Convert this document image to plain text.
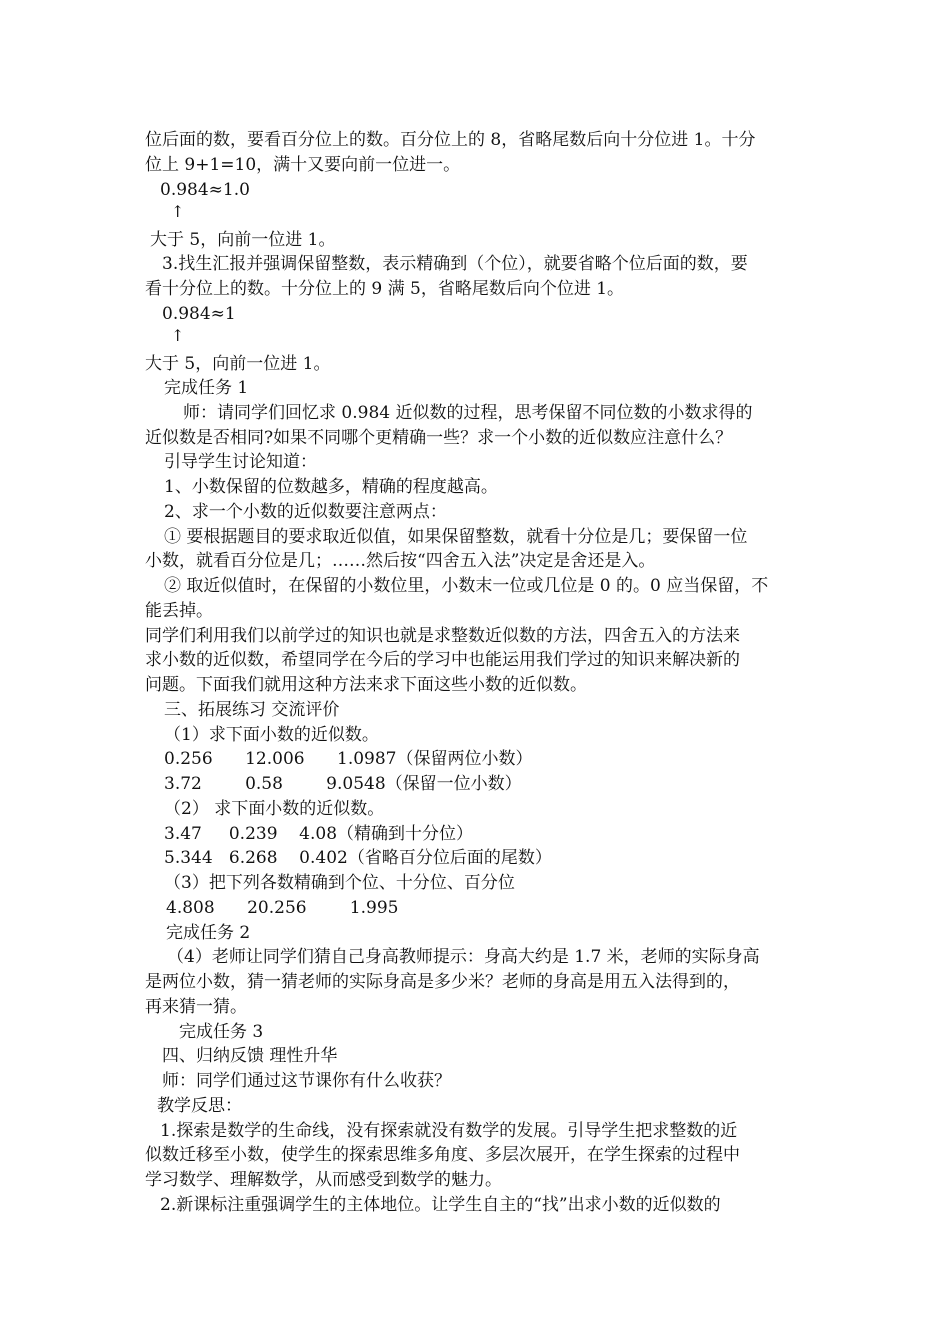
位后面的数，要看百分位上的数。百分位上的 8，省略尾数后向十分位进 1。十分
位上 9+1=10，满十又要向前一位进一。
0.984≈1.0
↑
大于 5，向前一位进 1。
3.找生汇报并强调保留整数，表示精确到（个位），就要省略个位后面的数，要
看十分位上的数。十分位上的 9 满 5，省略尾数后向个位进 1。
0.984≈1
↑
大于 5，向前一位进 1。
完成任务 1
师：请同学们回忆求 0.984 近似数的过程，思考保留不同位数的小数求得的
近似数是否相同?如果不同哪个更精确一些？求一个小数的近似数应注意什么？
引导学生讨论知道：
1、小数保留的位数越多，精确的程度越高。
2、求一个小数的近似数要注意两点：
① 要根据题目的要求取近似值，如果保留整数，就看十分位是几；要保留一位
小数，就看百分位是几；……然后按“四舍五入法”决定是舍还是入。
② 取近似值时，在保留的小数位里，小数末一位或几位是 0 的。0 应当保留，不
能丢掉。
同学们利用我们以前学过的知识也就是求整数近似数的方法，四舍五入的方法来
求小数的近似数，希望同学在今后的学习中也能运用我们学过的知识来解决新的
问题。下面我们就用这种方法来求下面这些小数的近似数。
三、拓展练习 交流评价
（1）求下面小数的近似数。
0.256      12.006      1.0987（保留两位小数）
3.72        0.58        9.0548（保留一位小数）
（2） 求下面小数的近似数。
3.47     0.239    4.08（精确到十分位）
5.344   6.268    0.402（省略百分位后面的尾数）
（3）把下列各数精确到个位、十分位、百分位
4.808      20.256        1.995
完成任务 2
（4）老师让同学们猜自己身高教师提示：身高大约是 1.7 米，老师的实际身高
是两位小数，猜一猜老师的实际身高是多少米？老师的身高是用五入法得到的，
再来猜一猜。
完成任务 3
四、归纳反馈 理性升华
师：同学们通过这节课你有什么收获？
教学反思：
1.探索是数学的生命线，没有探索就没有数学的发展。引导学生把求整数的近
似数迁移至小数，使学生的探索思维多角度、多层次展开，在学生探索的过程中
学习数学、理解数学，从而感受到数学的魅力。
2.新课标注重强调学生的主体地位。让学生自主的“找”出求小数的近似数的
